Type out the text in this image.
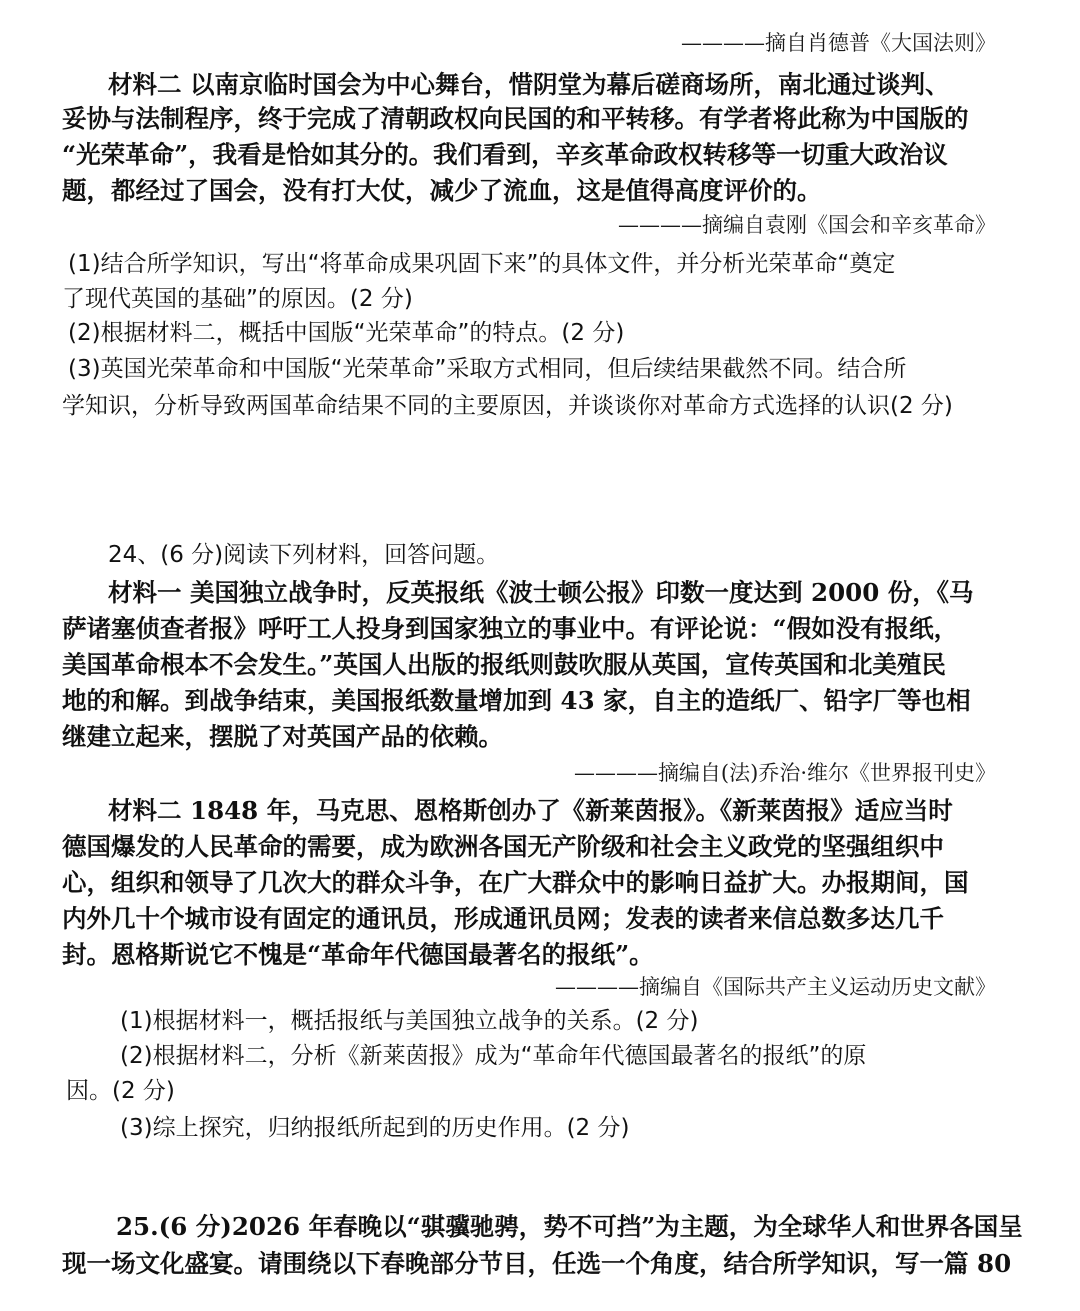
————摘自肖德普《大国法则》
材料二 以南京临时国会为中心舞台，惜阴堂为幕后磋商场所，南北通过谈判、
妥协与法制程序，终于完成了清朝政权向民国的和平转移。有学者将此称为中国版的
“光荣革命”，我看是恰如其分的。我们看到，辛亥革命政权转移等一切重大政治议
题，都经过了国会，没有打大仗，减少了流血，这是值得高度评价的。
————摘编自袁刚《国会和辛亥革命》
(1)结合所学知识，写出“将革命成果巩固下来”的具体文件，并分析光荣革命“奠定
了现代英国的基础”的原因。(2 分)
(2)根据材料二，概括中国版“光荣革命”的特点。(2 分)
(3)英国光荣革命和中国版“光荣革命”采取方式相同，但后续结果截然不同。结合所
学知识，分析导致两国革命结果不同的主要原因，并谈谈你对革命方式选择的认识(2 分)
24、(6 分)阅读下列材料，回答问题。
材料一 美国独立战争时，反英报纸《波士顿公报》印数一度达到 2000 份，《马
萨诸塞侦查者报》呼吁工人投身到国家独立的事业中。有评论说：“假如没有报纸，
美国革命根本不会发生。”英国人出版的报纸则鼓吹服从英国，宣传英国和北美殖民
地的和解。到战争结束，美国报纸数量增加到 43 家，自主的造纸厂、铅字厂等也相
继建立起来，摆脱了对英国产品的依赖。
————摘编自(法)乔治·维尔《世界报刊史》
材料二 1848 年，马克思、恩格斯创办了《新莱茵报》。《新莱茵报》适应当时
德国爆发的人民革命的需要，成为欧洲各国无产阶级和社会主义政党的坚强组织中
心，组织和领导了几次大的群众斗争，在广大群众中的影响日益扩大。办报期间，国
内外几十个城市设有固定的通讯员，形成通讯员网；发表的读者来信总数多达几千
封。恩格斯说它不愧是“革命年代德国最著名的报纸”。
————摘编自《国际共产主义运动历史文献》
(1)根据材料一，概括报纸与美国独立战争的关系。(2 分)
(2)根据材料二，分析《新莱茵报》成为“革命年代德国最著名的报纸”的原
因。(2 分)
(3)综上探究，归纳报纸所起到的历史作用。(2 分)
25.(6 分)2026 年春晚以“骐骥驰骋，势不可挡”为主题，为全球华人和世界各国呈
现一场文化盛宴。请围绕以下春晚部分节目，任选一个角度，结合所学知识，写一篇 80
